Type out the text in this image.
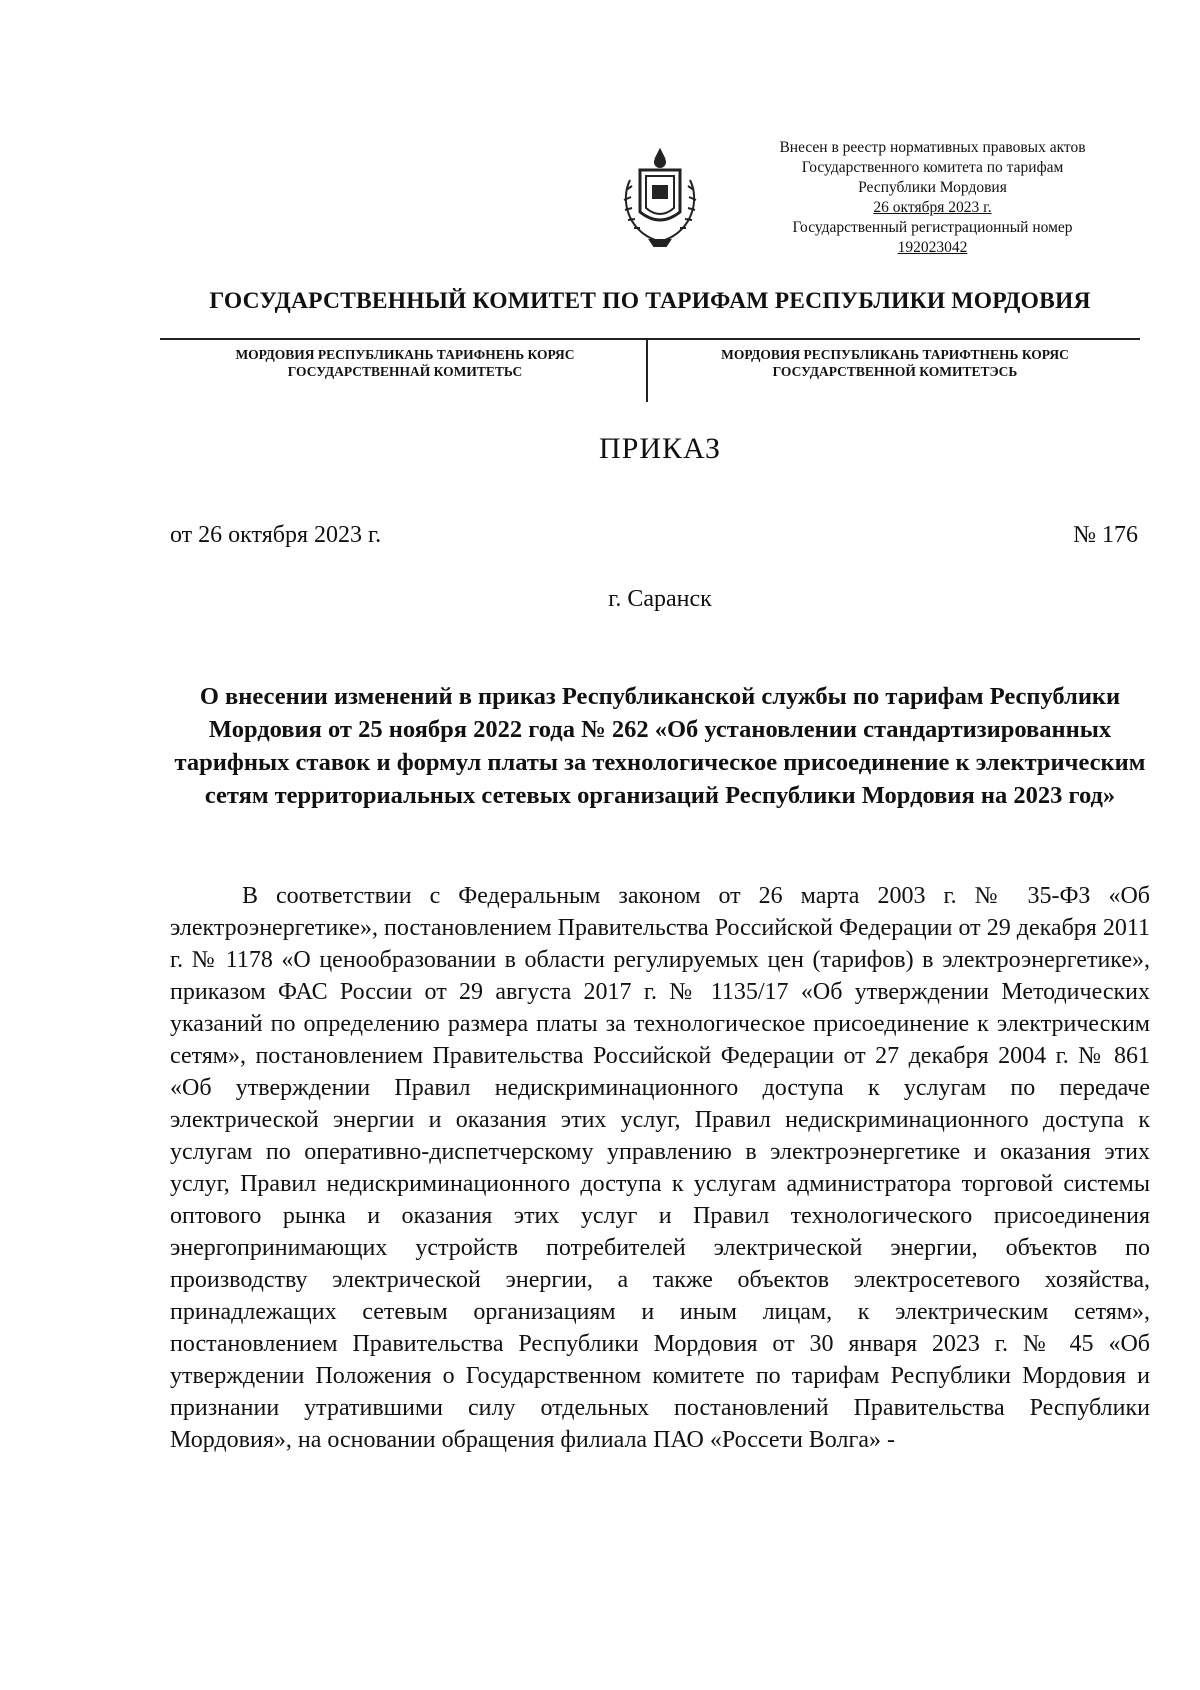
Внесен в реестр нормативных правовых актов
Государственного комитета по тарифам
Республики Мордовия
26 октября 2023 г.
Государственный регистрационный номер
192023042
ГОСУДАРСТВЕННЫЙ КОМИТЕТ ПО ТАРИФАМ РЕСПУБЛИКИ МОРДОВИЯ
МОРДОВИЯ РЕСПУБЛИКАНЬ ТАРИФНЕНЬ КОРЯС
ГОСУДАРСТВЕННАЙ КОМИТЕТЬС
МОРДОВИЯ РЕСПУБЛИКАНЬ ТАРИФТНЕНЬ КОРЯС
ГОСУДАРСТВЕННОЙ КОМИТЕТЭСЬ
ПРИКАЗ
от 26 октября 2023 г.	№ 176
г. Саранск
О внесении изменений в приказ Республиканской службы по тарифам Республики Мордовия от 25 ноября 2022 года № 262 «Об установлении стандартизированных тарифных ставок и формул платы за технологическое присоединение к электрическим сетям территориальных сетевых организаций Республики Мордовия на 2023 год»
В соответствии с Федеральным законом от 26 марта 2003 г. № 35-ФЗ «Об электроэнергетике», постановлением Правительства Российской Федерации от 29 декабря 2011 г. № 1178 «О ценообразовании в области регулируемых цен (тарифов) в электроэнергетике», приказом ФАС России от 29 августа 2017 г. № 1135/17 «Об утверждении Методических указаний по определению размера платы за технологическое присоединение к электрическим сетям», постановлением Правительства Российской Федерации от 27 декабря 2004 г. № 861 «Об утверждении Правил недискриминационного доступа к услугам по передаче электрической энергии и оказания этих услуг, Правил недискриминационного доступа к услугам по оперативно-диспетчерскому управлению в электроэнергетике и оказания этих услуг, Правил недискриминационного доступа к услугам администратора торговой системы оптового рынка и оказания этих услуг и Правил технологического присоединения энергопринимающих устройств потребителей электрической энергии, объектов по производству электрической энергии, а также объектов электросетевого хозяйства, принадлежащих сетевым организациям и иным лицам, к электрическим сетям», постановлением Правительства Республики Мордовия от 30 января 2023 г. № 45 «Об утверждении Положения о Государственном комитете по тарифам Республики Мордовия и признании утратившими силу отдельных постановлений Правительства Республики Мордовия», на основании обращения филиала ПАО «Россети Волга» -
